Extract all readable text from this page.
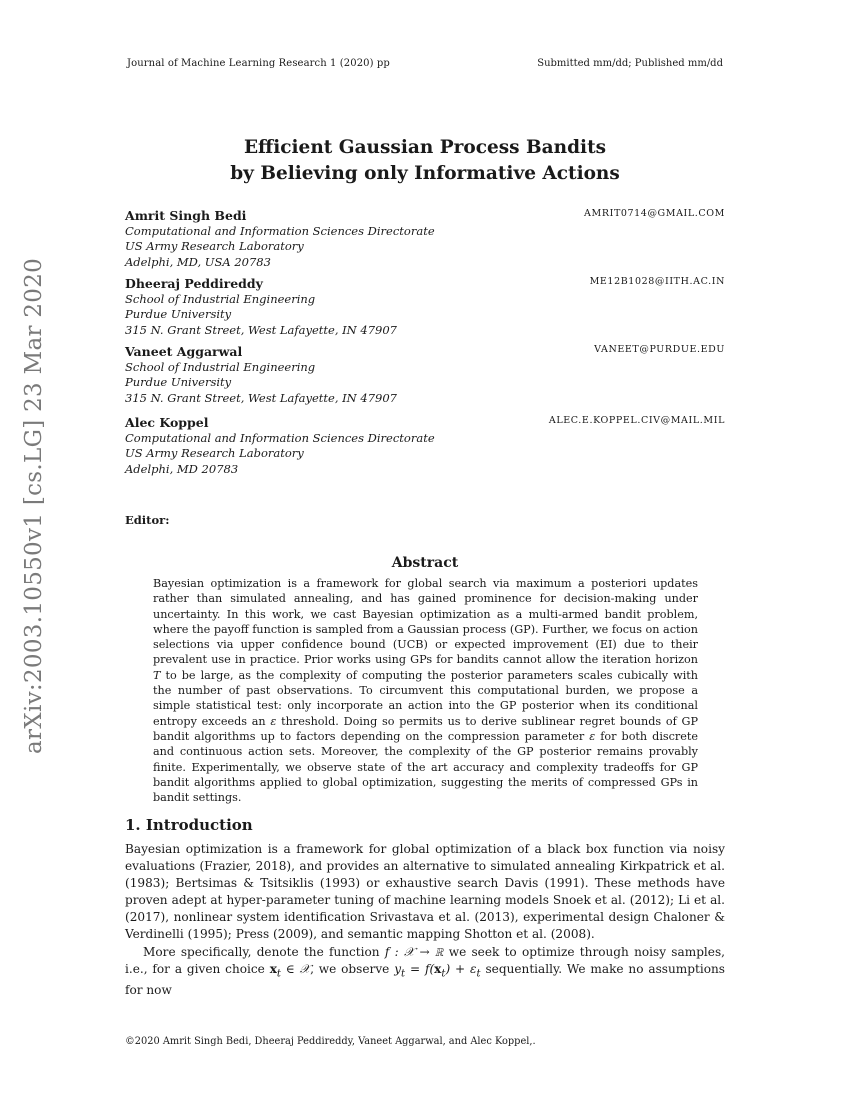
Journal of Machine Learning Research 1 (2020) pp	Submitted mm/dd; Published mm/dd
arXiv:2003.10550v1 [cs.LG] 23 Mar 2020
Efficient Gaussian Process Bandits
by Believing only Informative Actions
Amrit Singh Bedi	AMRIT0714@GMAIL.COM
Computational and Information Sciences Directorate
US Army Research Laboratory
Adelphi, MD, USA 20783
Dheeraj Peddireddy	ME12B1028@IITH.AC.IN
School of Industrial Engineering
Purdue University
315 N. Grant Street, West Lafayette, IN 47907
Vaneet Aggarwal	VANEET@PURDUE.EDU
School of Industrial Engineering
Purdue University
315 N. Grant Street, West Lafayette, IN 47907
Alec Koppel	ALEC.E.KOPPEL.CIV@MAIL.MIL
Computational and Information Sciences Directorate
US Army Research Laboratory
Adelphi, MD 20783
Editor:
Abstract
Bayesian optimization is a framework for global search via maximum a posteriori updates rather than simulated annealing, and has gained prominence for decision-making under uncertainty. In this work, we cast Bayesian optimization as a multi-armed bandit problem, where the payoff function is sampled from a Gaussian process (GP). Further, we focus on action selections via upper confidence bound (UCB) or expected improvement (EI) due to their prevalent use in practice. Prior works using GPs for bandits cannot allow the iteration horizon T to be large, as the complexity of computing the posterior parameters scales cubically with the number of past observations. To circumvent this computational burden, we propose a simple statistical test: only incorporate an action into the GP posterior when its conditional entropy exceeds an ε threshold. Doing so permits us to derive sublinear regret bounds of GP bandit algorithms up to factors depending on the compression parameter ε for both discrete and continuous action sets. Moreover, the complexity of the GP posterior remains provably finite. Experimentally, we observe state of the art accuracy and complexity tradeoffs for GP bandit algorithms applied to global optimization, suggesting the merits of compressed GPs in bandit settings.
1. Introduction

Bayesian optimization is a framework for global optimization of a black box function via noisy evaluations (Frazier, 2018), and provides an alternative to simulated annealing Kirkpatrick et al. (1983); Bertsimas & Tsitsiklis (1993) or exhaustive search Davis (1991). These methods have proven adept at hyper-parameter tuning of machine learning models Snoek et al. (2012); Li et al. (2017), nonlinear system identification Srivastava et al. (2013), experimental design Chaloner & Verdinelli (1995); Press (2009), and semantic mapping Shotton et al. (2008).

More specifically, denote the function f : 𝒳 → ℝ we seek to optimize through noisy samples, i.e., for a given choice $x_t$ ∈ 𝒳, we observe $y_t = f(x_t) + \varepsilon_t$ sequentially. We make no assumptions for now

©2020 Amrit Singh Bedi, Dheeraj Peddireddy, Vaneet Aggarwal, and Alec Koppel,.
